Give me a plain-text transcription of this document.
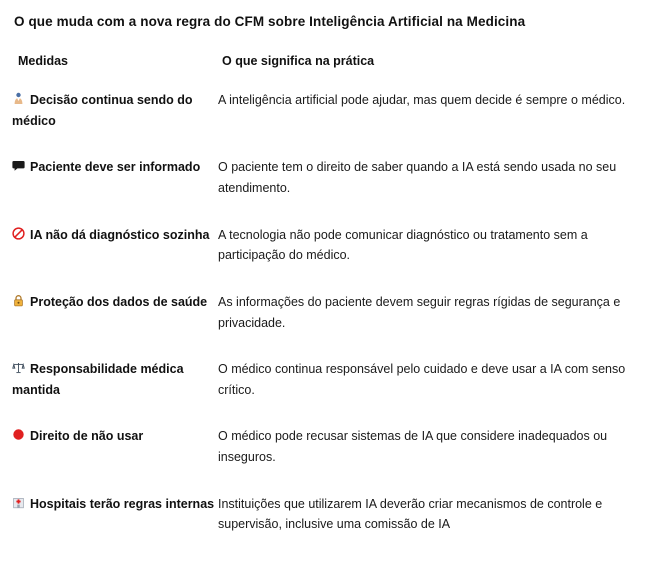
O que muda com a nova regra do CFM sobre Inteligência Artificial na Medicina
Medidas	O que significa na prática

Decisão continua sendo do médico	A inteligência artificial pode ajudar, mas quem decide é sempre o médico.

Paciente deve ser informado	O paciente tem o direito de saber quando a IA está sendo usada no seu atendimento.

IA não dá diagnóstico sozinha	A tecnologia não pode comunicar diagnóstico ou tratamento sem a participação do médico.

Proteção dos dados de saúde	As informações do paciente devem seguir regras rígidas de segurança e privacidade.

Responsabilidade médica mantida	O médico continua responsável pelo cuidado e deve usar a IA com senso crítico.

Direito de não usar	O médico pode recusar sistemas de IA que considere inadequados ou inseguros.

Hospitais terão regras internas	Instituições que utilizarem IA deverão criar mecanismos de controle e supervisão, inclusive uma comissão de IA
